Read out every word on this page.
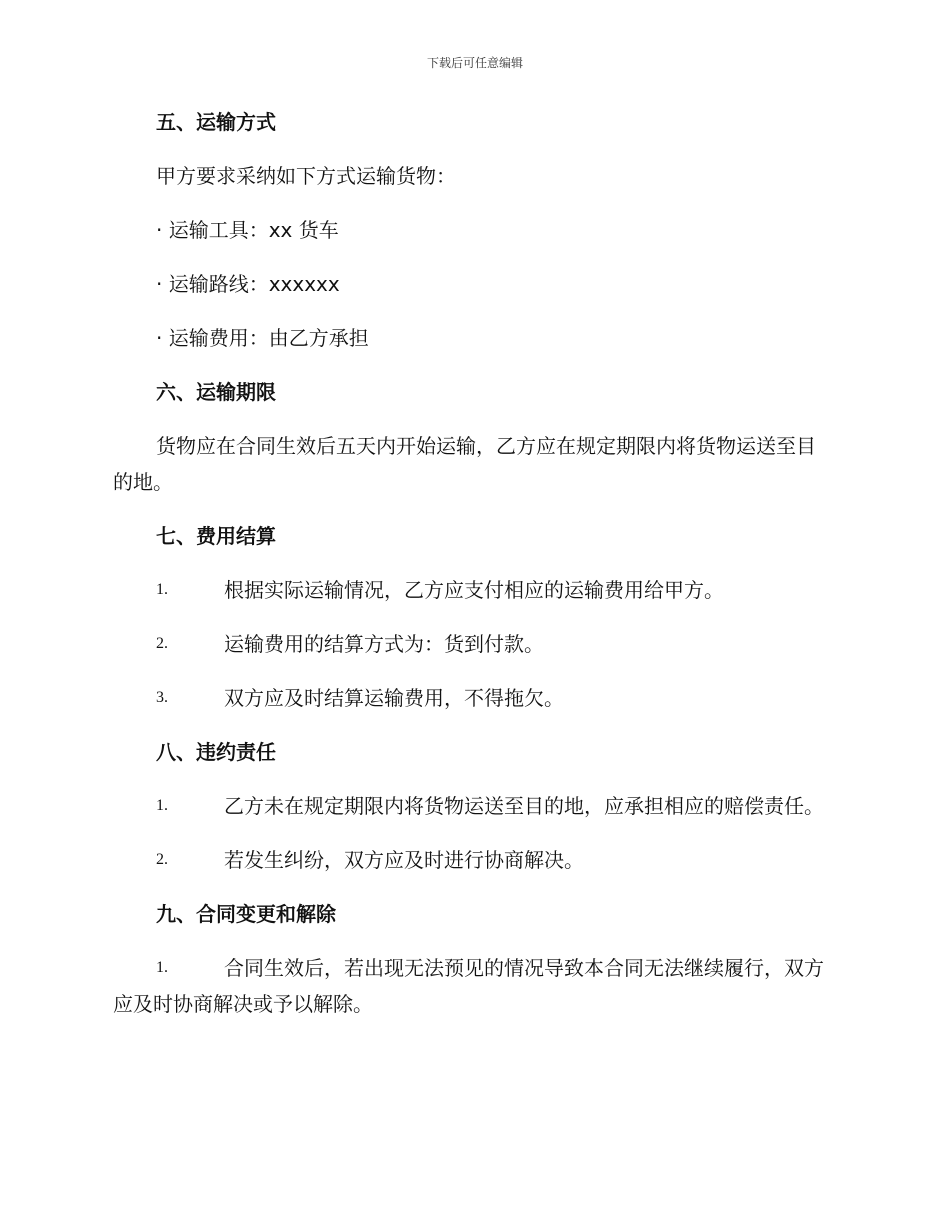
下载后可任意编辑
五、运输方式
甲方要求采纳如下方式运输货物：
· 运输工具：xx 货车
· 运输路线：xxxxxx
· 运输费用：由乙方承担
六、运输期限
货物应在合同生效后五天内开始运输，乙方应在规定期限内将货物运送至目的地。
七、费用结算
1.	根据实际运输情况，乙方应支付相应的运输费用给甲方。
2.	运输费用的结算方式为：货到付款。
3.	双方应及时结算运输费用，不得拖欠。
八、违约责任
1.	乙方未在规定期限内将货物运送至目的地，应承担相应的赔偿责任。
2.	若发生纠纷，双方应及时进行协商解决。
九、合同变更和解除
1.	合同生效后，若出现无法预见的情况导致本合同无法继续履行，双方应及时协商解决或予以解除。
